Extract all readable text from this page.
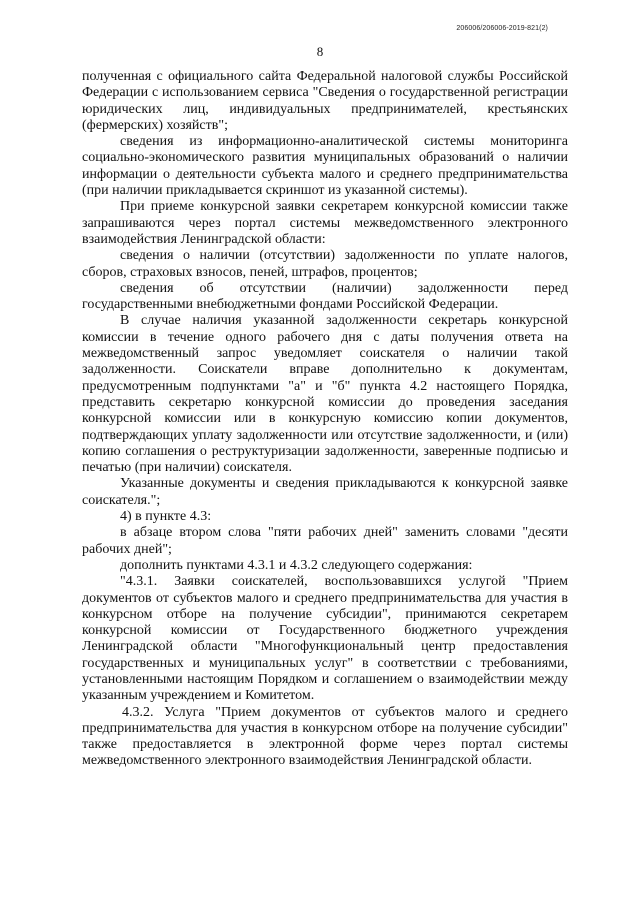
206006/206006-2019-821(2)
8

полученная с официального сайта Федеральной налоговой службы Российской Федерации с использованием сервиса "Сведения о государственной регистрации юридических лиц, индивидуальных предпринимателей, крестьянских (фермерских) хозяйств";

сведения из информационно-аналитической системы мониторинга социально-экономического развития муниципальных образований о наличии информации о деятельности субъекта малого и среднего предпринимательства (при наличии прикладывается скриншот из указанной системы).

При приеме конкурсной заявки секретарем конкурсной комиссии также запрашиваются через портал системы межведомственного электронного взаимодействия Ленинградской области:

сведения о наличии (отсутствии) задолженности по уплате налогов, сборов, страховых взносов, пеней, штрафов, процентов;

сведения об отсутствии (наличии) задолженности перед государственными внебюджетными фондами Российской Федерации.

В случае наличия указанной задолженности секретарь конкурсной комиссии в течение одного рабочего дня с даты получения ответа на межведомственный запрос уведомляет соискателя о наличии такой задолженности. Соискатели вправе дополнительно к документам, предусмотренным подпунктами "а" и "б" пункта 4.2 настоящего Порядка, представить секретарю конкурсной комиссии до проведения заседания конкурсной комиссии или в конкурсную комиссию копии документов, подтверждающих уплату задолженности или отсутствие задолженности, и (или) копию соглашения о реструктуризации задолженности, заверенные подписью и печатью (при наличии) соискателя.

Указанные документы и сведения прикладываются к конкурсной заявке соискателя.";

4) в пункте 4.3:

в абзаце втором слова "пяти рабочих дней" заменить словами "десяти рабочих дней";

дополнить пунктами 4.3.1 и 4.3.2 следующего содержания:

"4.3.1. Заявки соискателей, воспользовавшихся услугой "Прием документов от субъектов малого и среднего предпринимательства для участия в конкурсном отборе на получение субсидии", принимаются секретарем конкурсной комиссии от Государственного бюджетного учреждения Ленинградской области "Многофункциональный центр предоставления государственных и муниципальных услуг" в соответствии с требованиями, установленными настоящим Порядком и соглашением о взаимодействии между указанным учреждением и Комитетом.

4.3.2. Услуга "Прием документов от субъектов малого и среднего предпринимательства для участия в конкурсном отборе на получение субсидии" также предоставляется в электронной форме через портал системы межведомственного электронного взаимодействия Ленинградской области.
